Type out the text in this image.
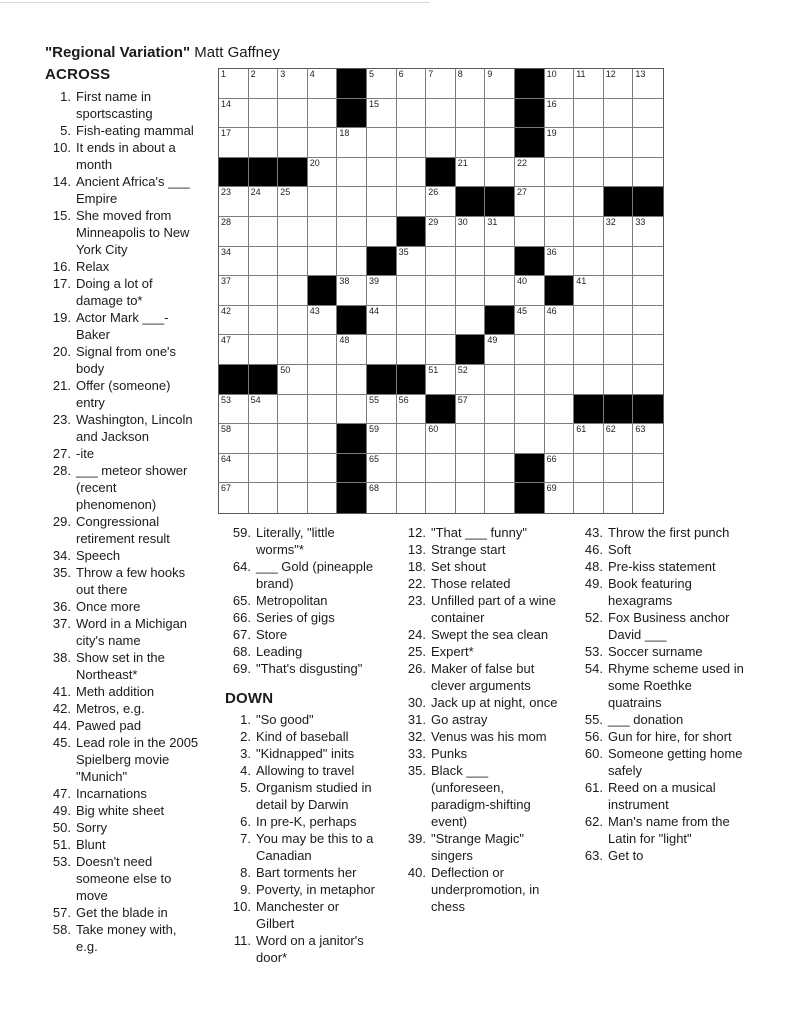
"Regional Variation" Matt Gaffney
ACROSS
1. First name in sportscasting
5. Fish-eating mammal
10. It ends in about a month
14. Ancient Africa's ___ Empire
15. She moved from Minneapolis to New York City
16. Relax
17. Doing a lot of damage to*
19. Actor Mark ___-Baker
20. Signal from one's body
21. Offer (someone) entry
23. Washington, Lincoln and Jackson
27. -ite
28. ___ meteor shower (recent phenomenon)
29. Congressional retirement result
34. Speech
35. Throw a few hooks out there
36. Once more
37. Word in a Michigan city's name
38. Show set in the Northeast*
41. Meth addition
42. Metros, e.g.
44. Pawed pad
45. Lead role in the 2005 Spielberg movie "Munich"
47. Incarnations
49. Big white sheet
50. Sorry
51. Blunt
53. Doesn't need someone else to move
57. Get the blade in
58. Take money with, e.g.
1	2	3	4	5	6	7	8	9	10 11 12 13
14	15	16
17	18	19
20	21	22
23 24 25	26	27
28	29 30 31	32 33
34	35	36
37	38 39	40	41
42	43	44	45 46
47	48	49
50	51 52
53 54	55 56	57
58	59	60	61 62 63
64	65	66
67	68	69
59. Literally, "little worms"*
64. ___ Gold (pineapple brand)
65. Metropolitan
66. Series of gigs
67. Store
68. Leading
69. "That's disgusting"
DOWN
1. "So good"
2. Kind of baseball
3. "Kidnapped" inits
4. Allowing to travel
5. Organism studied in detail by Darwin
6. In pre-K, perhaps
7. You may be this to a Canadian
8. Bart torments her
9. Poverty, in metaphor
10. Manchester or Gilbert
11. Word on a janitor's door*
12. "That ___ funny"
13. Strange start
18. Set shout
22. Those related
23. Unfilled part of a wine container
24. Swept the sea clean
25. Expert*
26. Maker of false but clever arguments
30. Jack up at night, once
31. Go astray
32. Venus was his mom
33. Punks
35. Black ___ (unforeseen, paradigm-shifting event)
39. "Strange Magic" singers
40. Deflection or underpromotion, in chess
43. Throw the first punch
46. Soft
48. Pre-kiss statement
49. Book featuring hexagrams
52. Fox Business anchor David ___
53. Soccer surname
54. Rhyme scheme used in some Roethke quatrains
55. ___ donation
56. Gun for hire, for short
60. Someone getting home safely
61. Reed on a musical instrument
62. Man's name from the Latin for "light"
63. Get to
